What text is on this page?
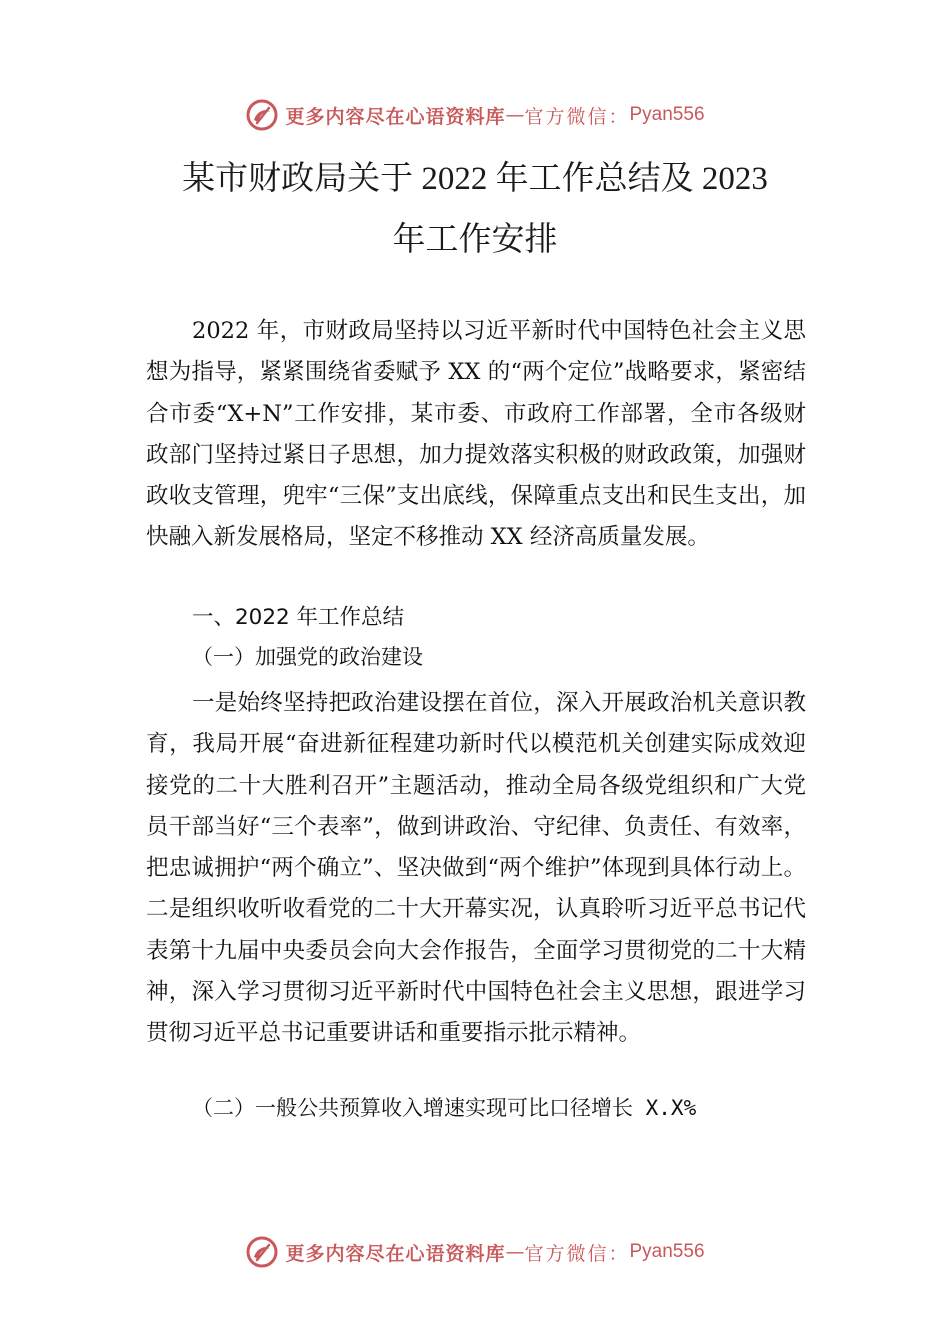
更多内容尽在心语资料库 — 官方微信： Pyan556
某市财政局关于 2022 年工作总结及 2023
年工作安排

2022 年，市财政局坚持以习近平新时代中国特色社会主义思想为指导，紧紧围绕省委赋予 XX 的“两个定位”战略要求，紧密结合市委“X+N”工作安排，某市委、市政府工作部署，全市各级财政部门坚持过紧日子思想，加力提效落实积极的财政政策，加强财政收支管理，兜牢“三保”支出底线，保障重点支出和民生支出，加快融入新发展格局，坚定不移推动 XX 经济高质量发展。

一、2022 年工作总结
（一）加强党的政治建设

一是始终坚持把政治建设摆在首位，深入开展政治机关意识教育，我局开展“奋进新征程建功新时代以模范机关创建实际成效迎接党的二十大胜利召开”主题活动，推动全局各级党组织和广大党员干部当好“三个表率”，做到讲政治、守纪律、负责任、有效率，把忠诚拥护“两个确立”、坚决做到“两个维护”体现到具体行动上。二是组织收听收看党的二十大开幕实况，认真聆听习近平总书记代表第十九届中央委员会向大会作报告，全面学习贯彻党的二十大精神，深入学习贯彻习近平新时代中国特色社会主义思想，跟进学习贯彻习近平总书记重要讲话和重要指示批示精神。

（二）一般公共预算收入增速实现可比口径增长 X.X%
更多内容尽在心语资料库 — 官方微信： Pyan556
